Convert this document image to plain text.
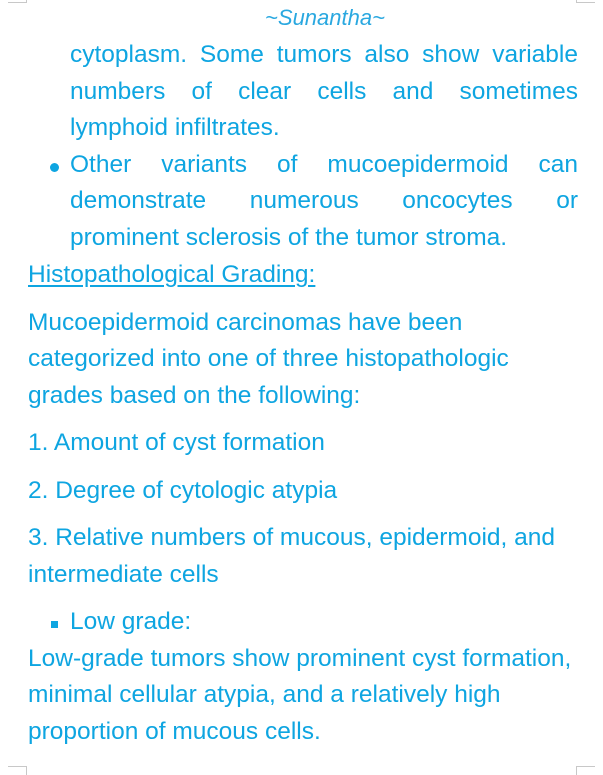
~Sunantha~
cytoplasm. Some tumors also show variable numbers of clear cells and sometimes lymphoid infiltrates.
Other variants of mucoepidermoid can demonstrate numerous oncocytes or prominent sclerosis of the tumor stroma.
Histopathological Grading:
Mucoepidermoid carcinomas have been categorized into one of three histopathologic grades based on the following:
1. Amount of cyst formation
2. Degree of cytologic atypia
3. Relative numbers of mucous, epidermoid, and intermediate cells
Low grade:
Low-grade tumors show prominent cyst formation, minimal cellular atypia, and a relatively high proportion of mucous cells.
